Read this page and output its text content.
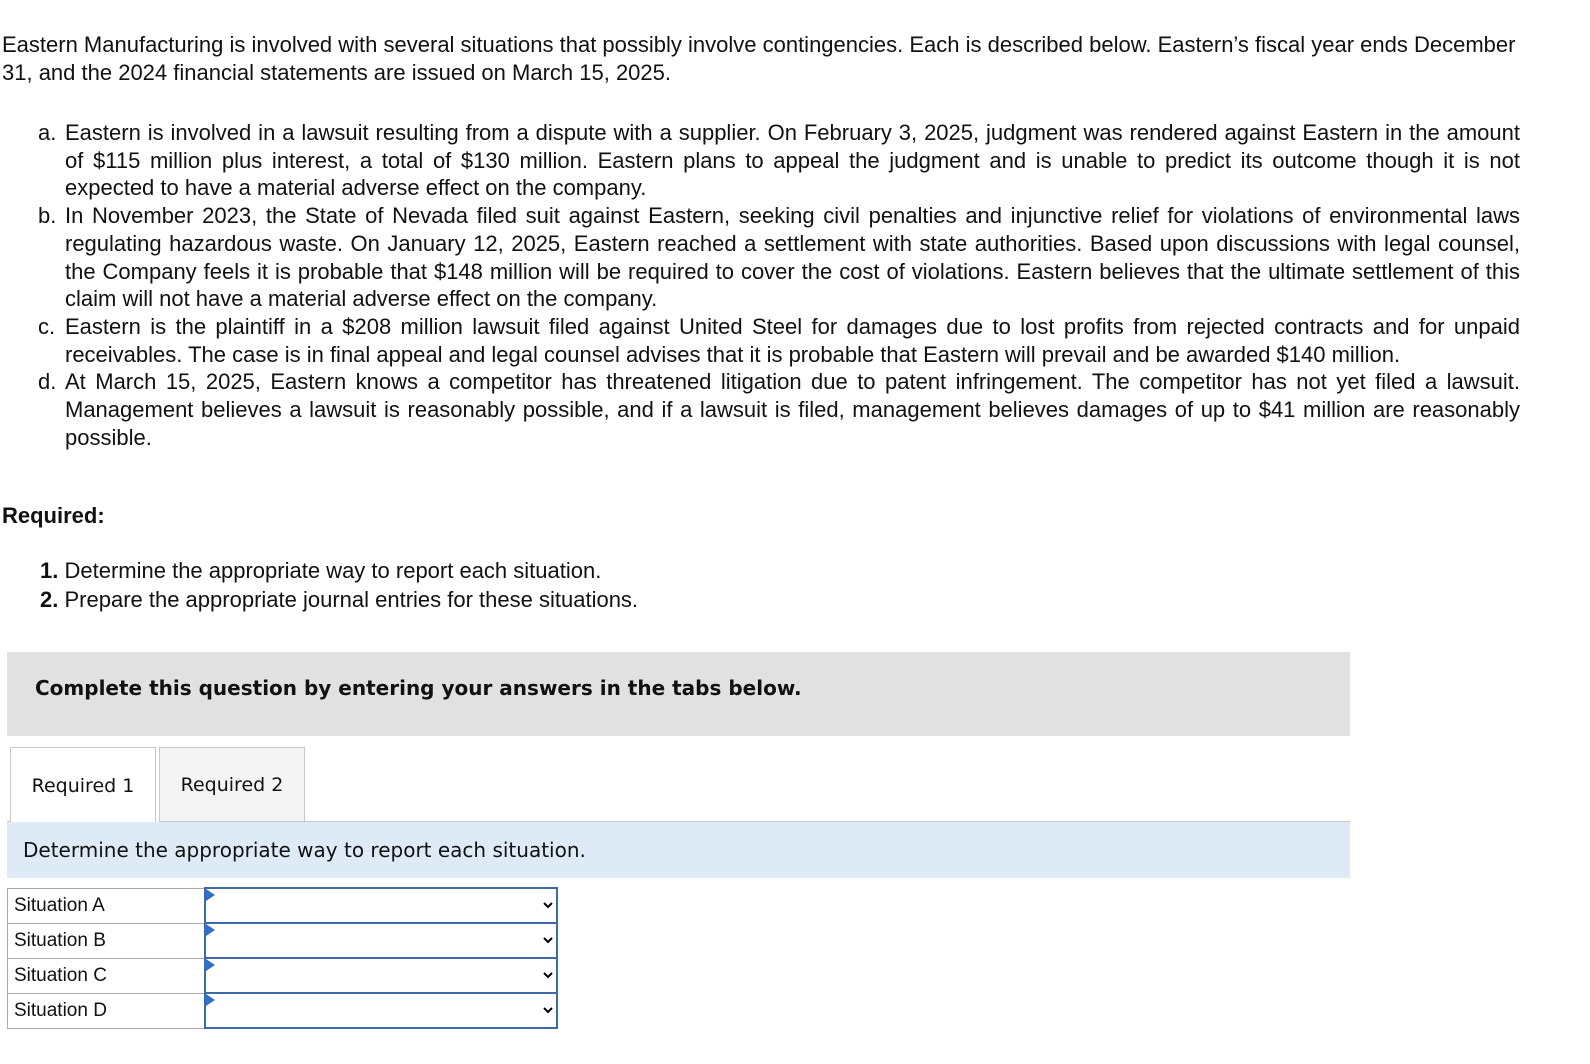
Eastern Manufacturing is involved with several situations that possibly involve contingencies. Each is described below. Eastern’s fiscal year ends December 31, and the 2024 financial statements are issued on March 15, 2025.

a. Eastern is involved in a lawsuit resulting from a dispute with a supplier. On February 3, 2025, judgment was rendered against Eastern in the amount of $115 million plus interest, a total of $130 million. Eastern plans to appeal the judgment and is unable to predict its outcome though it is not expected to have a material adverse effect on the company.
b. In November 2023, the State of Nevada filed suit against Eastern, seeking civil penalties and injunctive relief for violations of environmental laws regulating hazardous waste. On January 12, 2025, Eastern reached a settlement with state authorities. Based upon discussions with legal counsel, the Company feels it is probable that $148 million will be required to cover the cost of violations. Eastern believes that the ultimate settlement of this claim will not have a material adverse effect on the company.
c. Eastern is the plaintiff in a $208 million lawsuit filed against United Steel for damages due to lost profits from rejected contracts and for unpaid receivables. The case is in final appeal and legal counsel advises that it is probable that Eastern will prevail and be awarded $140 million.
d. At March 15, 2025, Eastern knows a competitor has threatened litigation due to patent infringement. The competitor has not yet filed a lawsuit. Management believes a lawsuit is reasonably possible, and if a lawsuit is filed, management believes damages of up to $41 million are reasonably possible.

Required:

1. Determine the appropriate way to report each situation.
2. Prepare the appropriate journal entries for these situations.

Complete this question by entering your answers in the tabs below.

Required 1	Required 2

Determine the appropriate way to report each situation.

Situation A	

Situation B	

Situation C	

Situation D	
